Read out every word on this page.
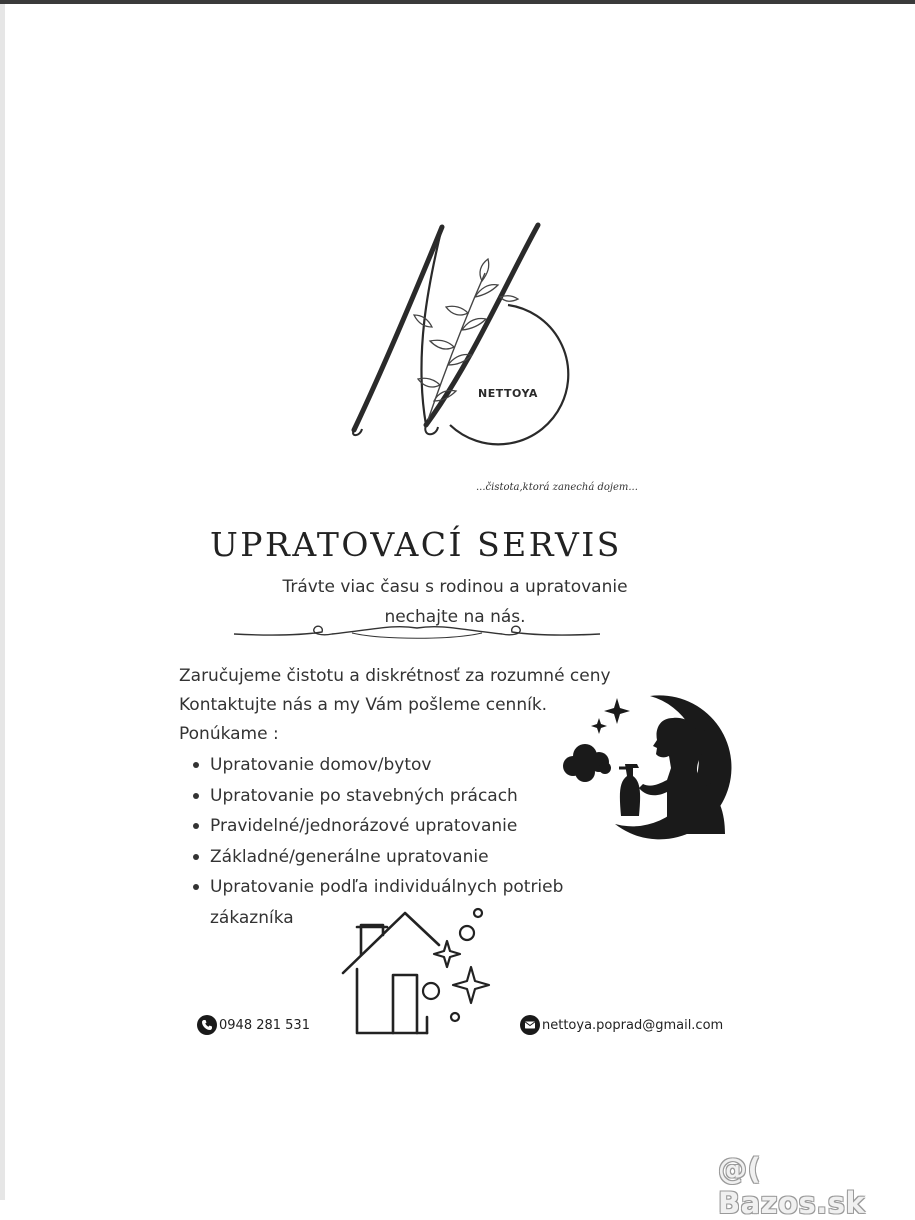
NETTOYA
...čistota,ktorá zanechá dojem...
UPRATOVACÍ SERVIS
Trávte viac času s rodinou a upratovanie
nechajte na nás.

Zaručujeme čistotu a diskrétnosť za rozumné ceny

Kontaktujte nás a my Vám pošleme cenník.

Ponúkame :

Upratovanie domov/bytov
Upratovanie po stavebných prácach
Pravidelné/jednorázové upratovanie
Základné/generálne upratovanie
Upratovanie podľa individuálnych potrieb zákazníka
0948 281 531	nettoya.poprad@gmail.com
@( Bazos.sk
